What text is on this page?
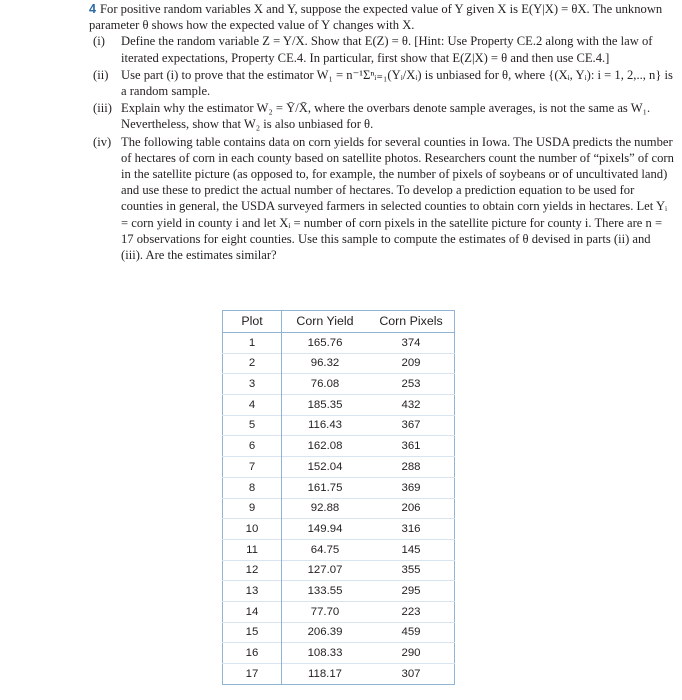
4 For positive random variables X and Y, suppose the expected value of Y given X is E(Y|X) = θX. The unknown parameter θ shows how the expected value of Y changes with X.

(i) Define the random variable Z = Y/X. Show that E(Z) = θ. [Hint: Use Property CE.2 along with the law of iterated expectations, Property CE.4. In particular, first show that E(Z|X) = θ and then use CE.4.]
(ii) Use part (i) to prove that the estimator W₁ = n⁻¹Σⁿᵢ₌₁(Yᵢ/Xᵢ) is unbiased for θ, where {(Xᵢ, Yᵢ): i = 1, 2,.., n} is a random sample.
(iii) Explain why the estimator W₂ = Ȳ/X̄, where the overbars denote sample averages, is not the same as W₁. Nevertheless, show that W₂ is also unbiased for θ.
(iv) The following table contains data on corn yields for several counties in Iowa. The USDA predicts the number of hectares of corn in each county based on satellite photos. Researchers count the number of “pixels” of corn in the satellite picture (as opposed to, for example, the number of pixels of soybeans or of uncultivated land) and use these to predict the actual number of hectares. To develop a prediction equation to be used for counties in general, the USDA surveyed farmers in selected counties to obtain corn yields in hectares. Let Yᵢ = corn yield in county i and let Xᵢ = number of corn pixels in the satellite picture for county i. There are n = 17 observations for eight counties. Use this sample to compute the estimates of θ devised in parts (ii) and (iii). Are the estimates similar?
Plot	Corn Yield	Corn Pixels
1	165.76	374
2	96.32	209
3	76.08	253
4	185.35	432
5	116.43	367
6	162.08	361
7	152.04	288
8	161.75	369
9	92.88	206
10	149.94	316
11	64.75	145
12	127.07	355
13	133.55	295
14	77.70	223
15	206.39	459
16	108.33	290
17	118.17	307
